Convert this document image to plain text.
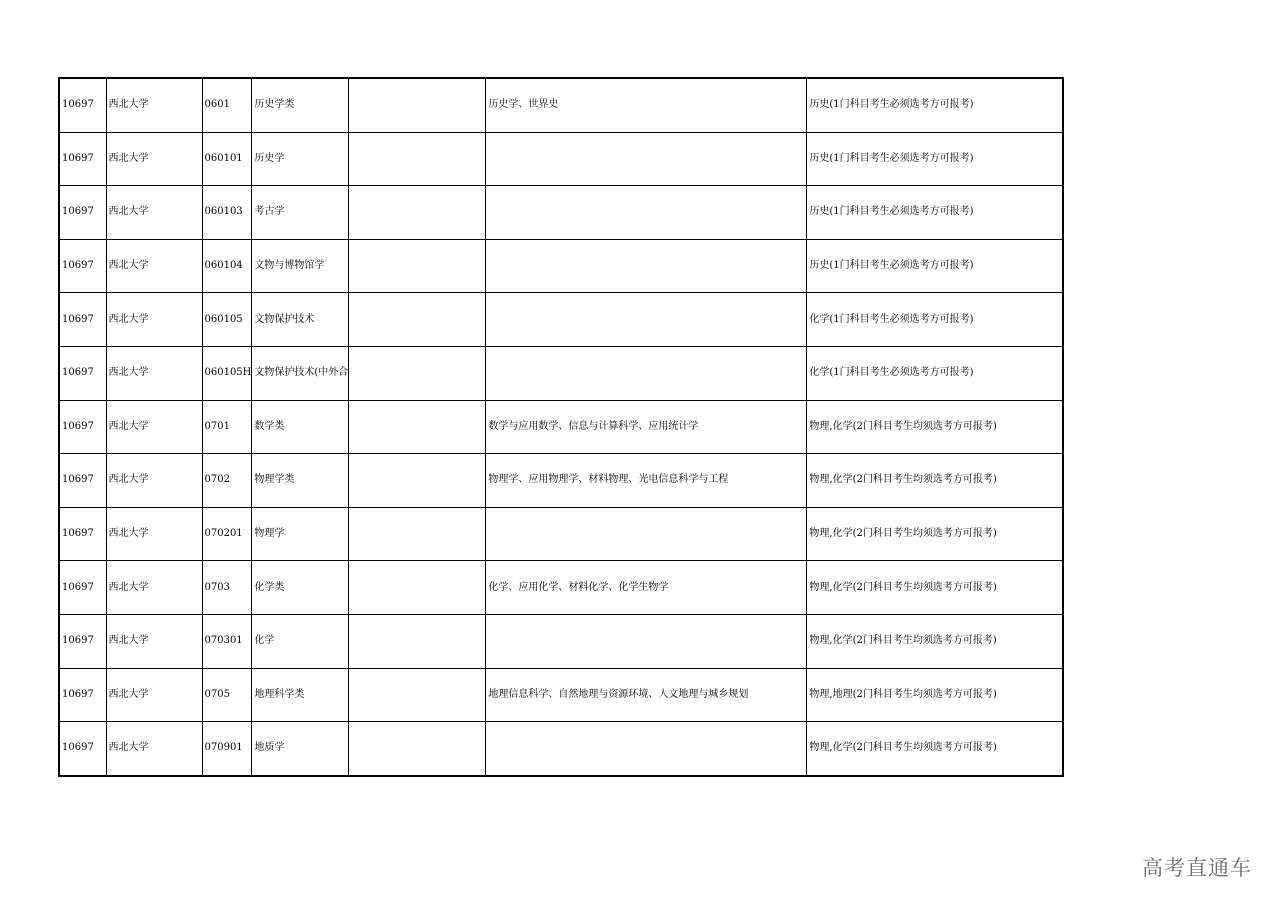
10697	西北大学	0601	历史学类		历史学、世界史	历史(1门科目考生必须选考方可报考)
10697	西北大学	060101	历史学			历史(1门科目考生必须选考方可报考)
10697	西北大学	060103	考古学			历史(1门科目考生必须选考方可报考)
10697	西北大学	060104	文物与博物馆学			历史(1门科目考生必须选考方可报考)
10697	西北大学	060105	文物保护技术			化学(1门科目考生必须选考方可报考)
10697	西北大学	060105H	文物保护技术(中外合			化学(1门科目考生必须选考方可报考)
10697	西北大学	0701	数学类		数学与应用数学、信息与计算科学、应用统计学	物理,化学(2门科目考生均须选考方可报考)
10697	西北大学	0702	物理学类		物理学、应用物理学、材料物理、光电信息科学与工程	物理,化学(2门科目考生均须选考方可报考)
10697	西北大学	070201	物理学			物理,化学(2门科目考生均须选考方可报考)
10697	西北大学	0703	化学类		化学、应用化学、材料化学、化学生物学	物理,化学(2门科目考生均须选考方可报考)
10697	西北大学	070301	化学			物理,化学(2门科目考生均须选考方可报考)
10697	西北大学	0705	地理科学类		地理信息科学、自然地理与资源环境、人文地理与城乡规划	物理,地理(2门科目考生均须选考方可报考)
10697	西北大学	070901	地质学			物理,化学(2门科目考生均须选考方可报考)
高考直通车
